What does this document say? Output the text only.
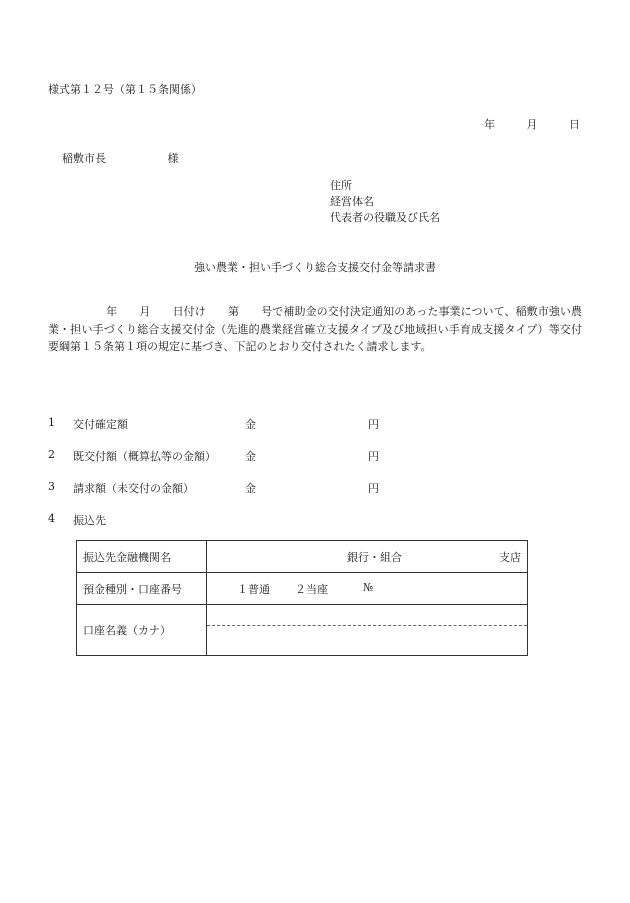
様式第１２号（第１５条関係）
年	月	日
稲敷市長	様
住所
経営体名
代表者の役職及び氏名
強い農業・担い手づくり総合支援交付金等請求書
年　　月　　日付け　　第　　号で補助金の交付決定通知のあった事業について、稲敷市強い農業・担い手づくり総合支援交付金（先進的農業経営確立支援タイプ及び地域担い手育成支援タイプ）等交付要綱第１５条第１項の規定に基づき、下記のとおり交付されたく請求します。
1 交付確定額	金	円
2 既交付額（概算払等の金額）	金	円
3 請求額（未交付の金額）	金	円
4 振込先
振込先金融機関名	銀行・組合 支店

預金種別・口座番号	１普通 ２当座 №

口座名義（カナ）	
